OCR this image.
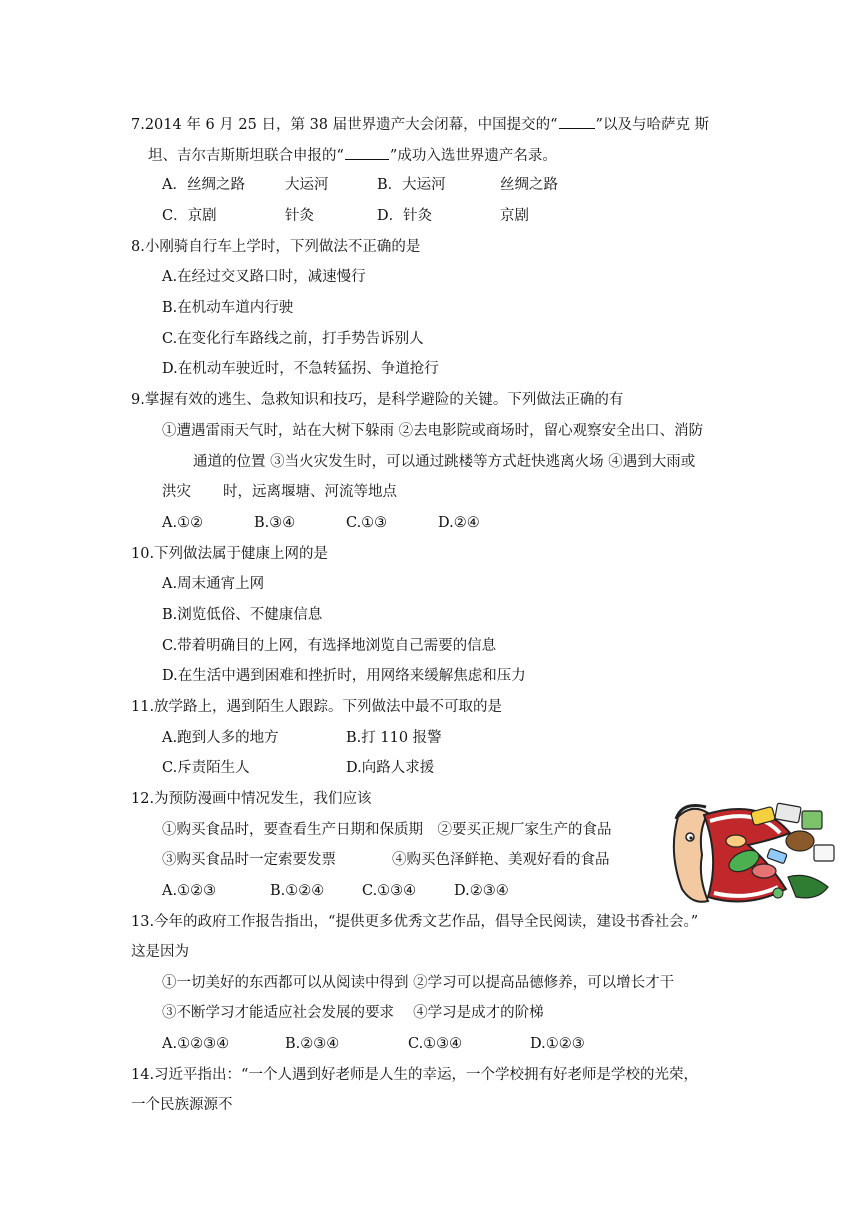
7.2014 年 6 月 25 日，第 38 届世界遗产大会闭幕，中国提交的“	”以及与哈萨克 斯
坦、吉尔吉斯斯坦联合申报的“	”成功入选世界遗产名录。
A．丝绸之路	大运河	B．大运河	丝绸之路
C．京剧	针灸	D．针灸	京剧
8.小刚骑自行车上学时，下列做法不正确的是
A.在经过交叉路口时，减速慢行
B.在机动车道内行驶
C.在变化行车路线之前，打手势告诉别人
D.在机动车驶近时，不急转猛拐、争道抢行
9.掌握有效的逃生、急救知识和技巧，是科学避险的关键。下列做法正确的有
①遭遇雷雨天气时，站在大树下躲雨 ②去电影院或商场时，留心观察安全出口、消防
通道的位置 ③当火灾发生时，可以通过跳楼等方式赶快逃离火场 ④遇到大雨或
洪灾 时，远离堰塘、河流等地点
A.①②	B.③④	C.①③	D.②④
10.下列做法属于健康上网的是
A.周末通宵上网
B.浏览低俗、不健康信息
C.带着明确目的上网，有选择地浏览自己需要的信息
D.在生活中遇到困难和挫折时，用网络来缓解焦虑和压力
11.放学路上，遇到陌生人跟踪。下列做法中最不可取的是
A.跑到人多的地方	B.打 110 报警
C.斥责陌生人	D.向路人求援
12.为预防漫画中情况发生，我们应该
①购买食品时，要查看生产日期和保质期　②要买正规厂家生产的食品
③购买食品时一定索要发票	④购买色泽鲜艳、美观好看的食品
A.①②③	B.①②④	C.①③④	D.②③④
13.今年的政府工作报告指出，“提供更多优秀文艺作品，倡导全民阅读，建设书香社会。”
这是因为
①一切美好的东西都可以从阅读中得到 ②学习可以提高品德修养，可以增长才干
③不断学习才能适应社会发展的要求　 ④学习是成才的阶梯
A.①②③④	B.②③④	C.①③④	D.①②③
14.习近平指出：“一个人遇到好老师是人生的幸运，一个学校拥有好老师是学校的光荣，
一个民族源源不
